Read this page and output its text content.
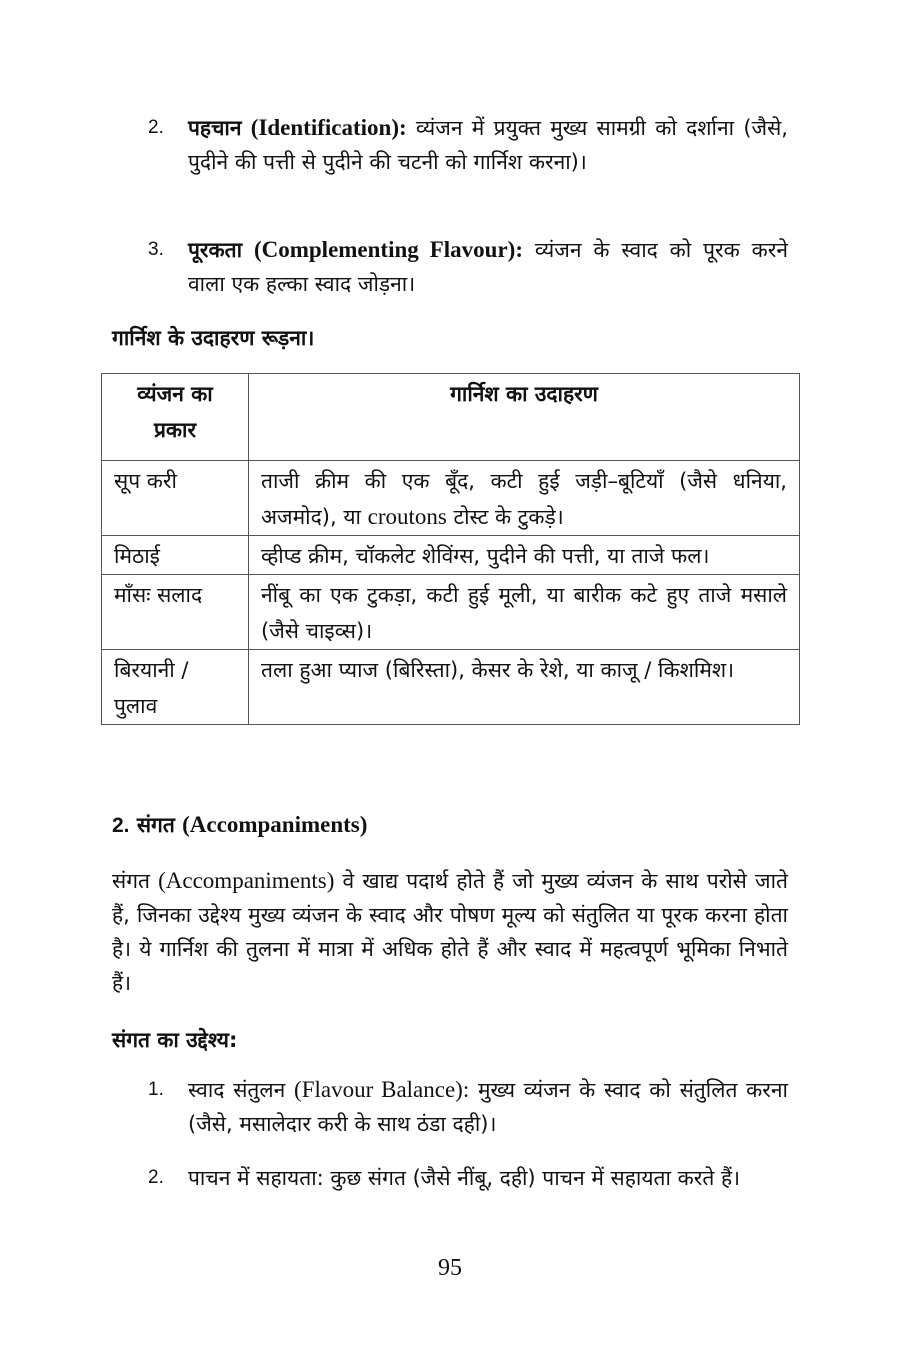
2.	पहचान (Identification): व्यंजन में प्रयुक्त मुख्य सामग्री को दर्शाना (जैसे, पुदीने की पत्ती से पुदीने की चटनी को गार्निश करना)।
3.	पूरकता (Complementing Flavour): व्यंजन के स्वाद को पूरक करने वाला एक हल्का स्वाद जोड़ना।
गार्निश के उदाहरण रूड़ना।
व्यंजन का प्रकार	गार्निश का उदाहरण
सूप करी	ताजी क्रीम की एक बूँद, कटी हुई जड़ी–बूटियाँ (जैसे धनिया, अजमोद), या croutons टोस्ट के टुकड़े।
मिठाई	व्हीप्ड क्रीम, चॉकलेट शेविंग्स, पुदीने की पत्ती, या ताजे फल।
माँसः सलाद	नींबू का एक टुकड़ा, कटी हुई मूली, या बारीक कटे हुए ताजे मसाले (जैसे चाइव्स)।
बिरयानी / पुलाव	तला हुआ प्याज (बिरिस्ता), केसर के रेशे, या काजू / किशमिश।
2. संगत (Accompaniments)
संगत (Accompaniments) वे खाद्य पदार्थ होते हैं जो मुख्य व्यंजन के साथ परोसे जाते हैं, जिनका उद्देश्य मुख्य व्यंजन के स्वाद और पोषण मूल्य को संतुलित या पूरक करना होता है। ये गार्निश की तुलना में मात्रा में अधिक होते हैं और स्वाद में महत्वपूर्ण भूमिका निभाते हैं।
संगत का उद्देश्य:
1.	स्वाद संतुलन (Flavour Balance): मुख्य व्यंजन के स्वाद को संतुलित करना (जैसे, मसालेदार करी के साथ ठंडा दही)।
2.	पाचन में सहायता: कुछ संगत (जैसे नींबू, दही) पाचन में सहायता करते हैं।
95
